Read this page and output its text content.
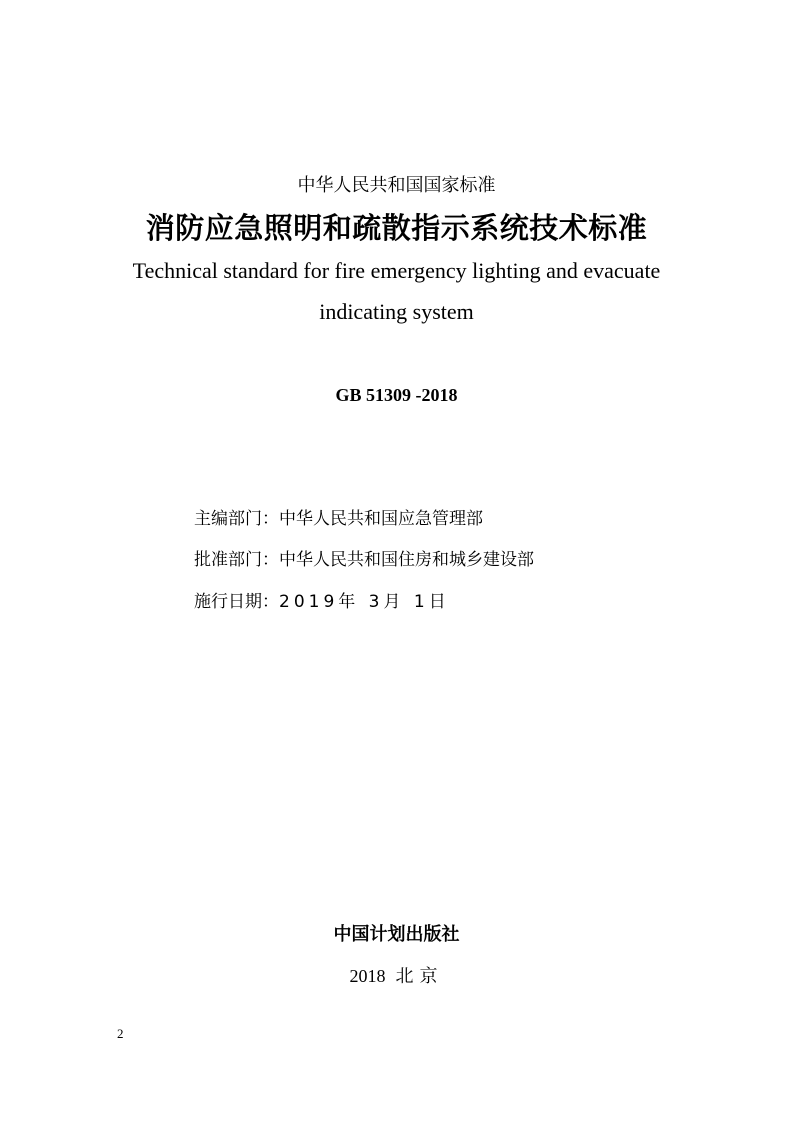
中华人民共和国国家标准
消防应急照明和疏散指示系统技术标准
Technical standard for fire emergency lighting and evacuate
indicating system
GB 51309 -2018
主编部门：中华人民共和国应急管理部
批准部门：中华人民共和国住房和城乡建设部
施行日期：2019年 3月 1日
中国计划出版社
2018 北京
2
